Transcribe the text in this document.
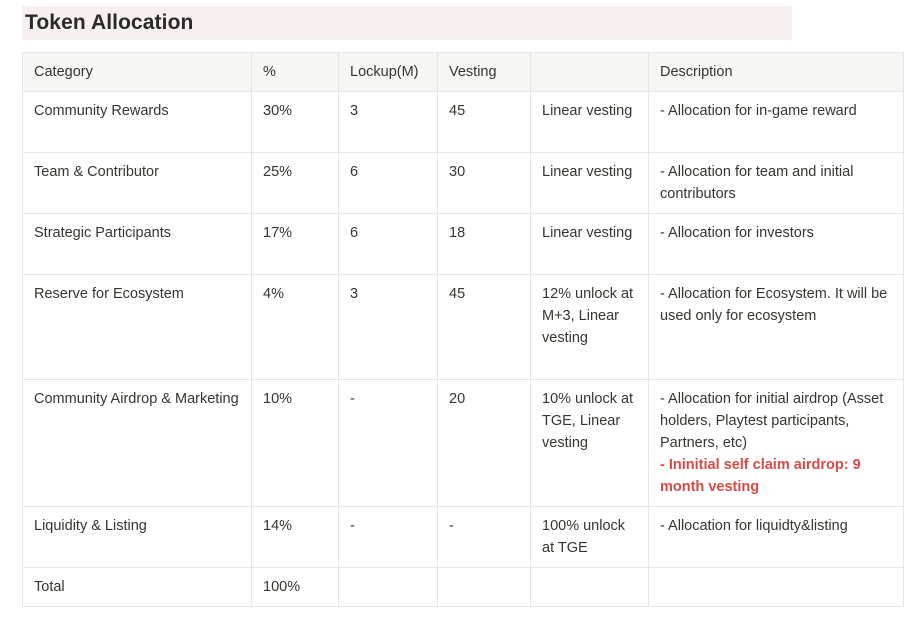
Token Allocation
Category	%	Lockup(M)	Vesting		Description
Community Rewards	30%	3	45	Linear vesting	- Allocation for in-game reward

Team & Contributor	25%	6	30	Linear vesting	- Allocation for team and initial contributors

Strategic Participants	17%	6	18	Linear vesting	- Allocation for investors

Reserve for Ecosystem	4%	3	45	12% unlock at M+3, Linear vesting	- Allocation for Ecosystem. It will be used only for ecosystem

Community Airdrop & Marketing	10%	-	20	10% unlock at TGE, Linear vesting	- Allocation for initial airdrop (Asset holders, Playtest participants, Partners, etc)
- Ininitial self claim airdrop: 9 month vesting

Liquidity & Listing	14%	-	-	100% unlock at TGE	- Allocation for liquidty&listing

Total	100%				
